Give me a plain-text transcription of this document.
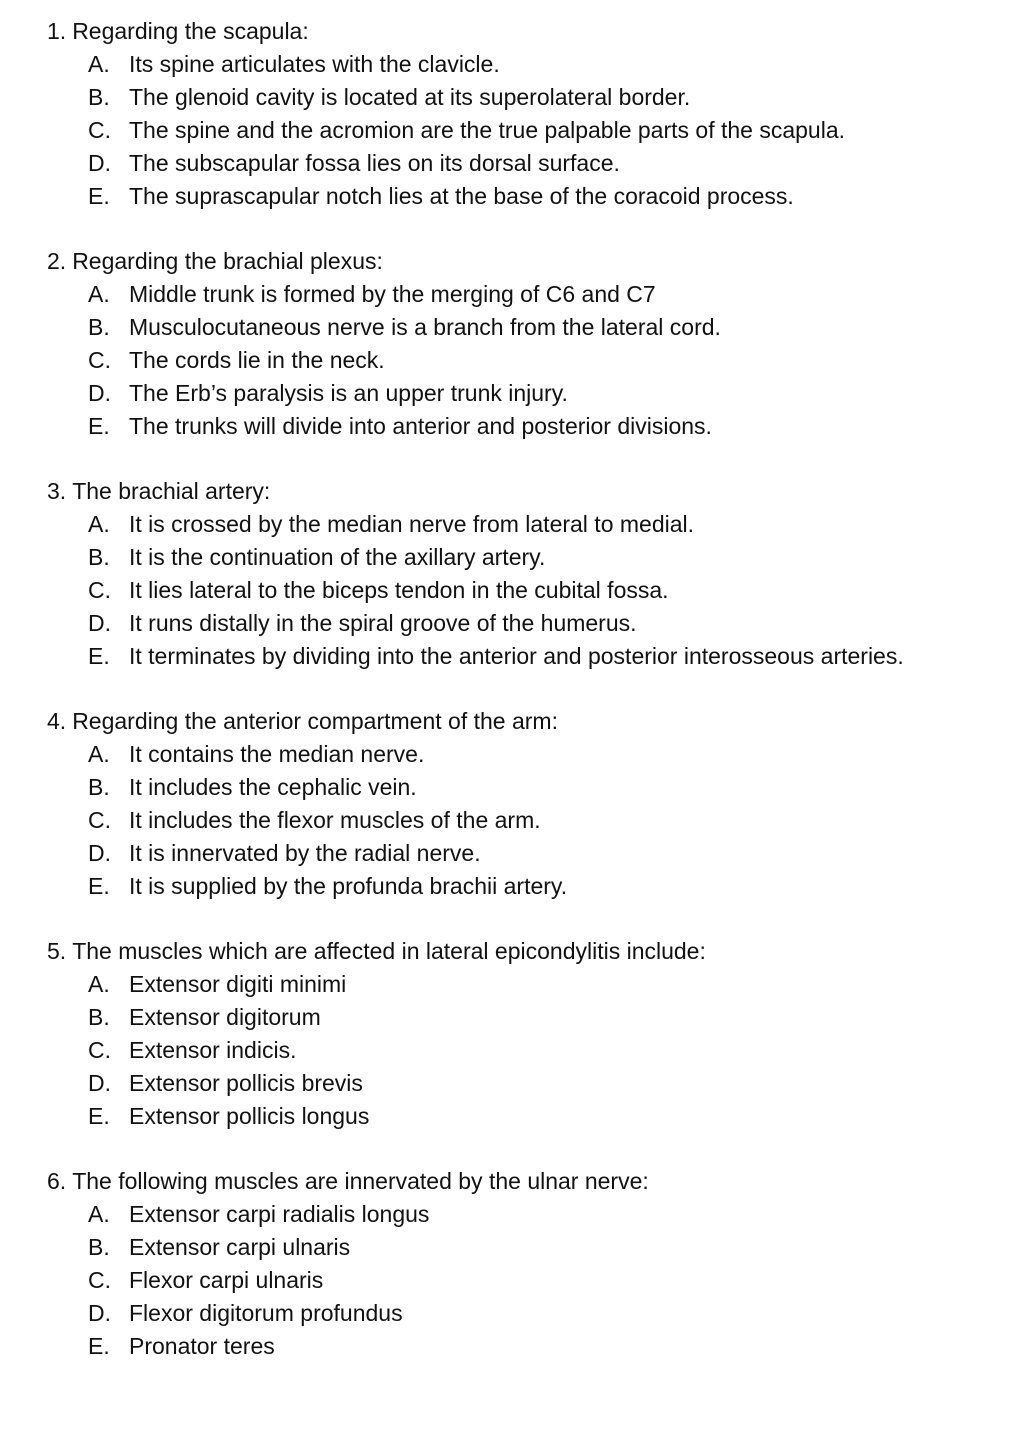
1. Regarding the scapula:
A. Its spine articulates with the clavicle.
B. The glenoid cavity is located at its superolateral border.
C. The spine and the acromion are the true palpable parts of the scapula.
D. The subscapular fossa lies on its dorsal surface.
E. The suprascapular notch lies at the base of the coracoid process.
2. Regarding the brachial plexus:
A. Middle trunk is formed by the merging of C6 and C7
B. Musculocutaneous nerve is a branch from the lateral cord.
C. The cords lie in the neck.
D. The Erb’s paralysis is an upper trunk injury.
E. The trunks will divide into anterior and posterior divisions.
3. The brachial artery:
A. It is crossed by the median nerve from lateral to medial.
B. It is the continuation of the axillary artery.
C. It lies lateral to the biceps tendon in the cubital fossa.
D. It runs distally in the spiral groove of the humerus.
E. It terminates by dividing into the anterior and posterior interosseous arteries.
4. Regarding the anterior compartment of the arm:
A. It contains the median nerve.
B. It includes the cephalic vein.
C. It includes the flexor muscles of the arm.
D. It is innervated by the radial nerve.
E. It is supplied by the profunda brachii artery.
5. The muscles which are affected in lateral epicondylitis include:
A. Extensor digiti minimi
B. Extensor digitorum
C. Extensor indicis.
D. Extensor pollicis brevis
E. Extensor pollicis longus
6. The following muscles are innervated by the ulnar nerve:
A. Extensor carpi radialis longus
B. Extensor carpi ulnaris
C. Flexor carpi ulnaris
D. Flexor digitorum profundus
E. Pronator teres
